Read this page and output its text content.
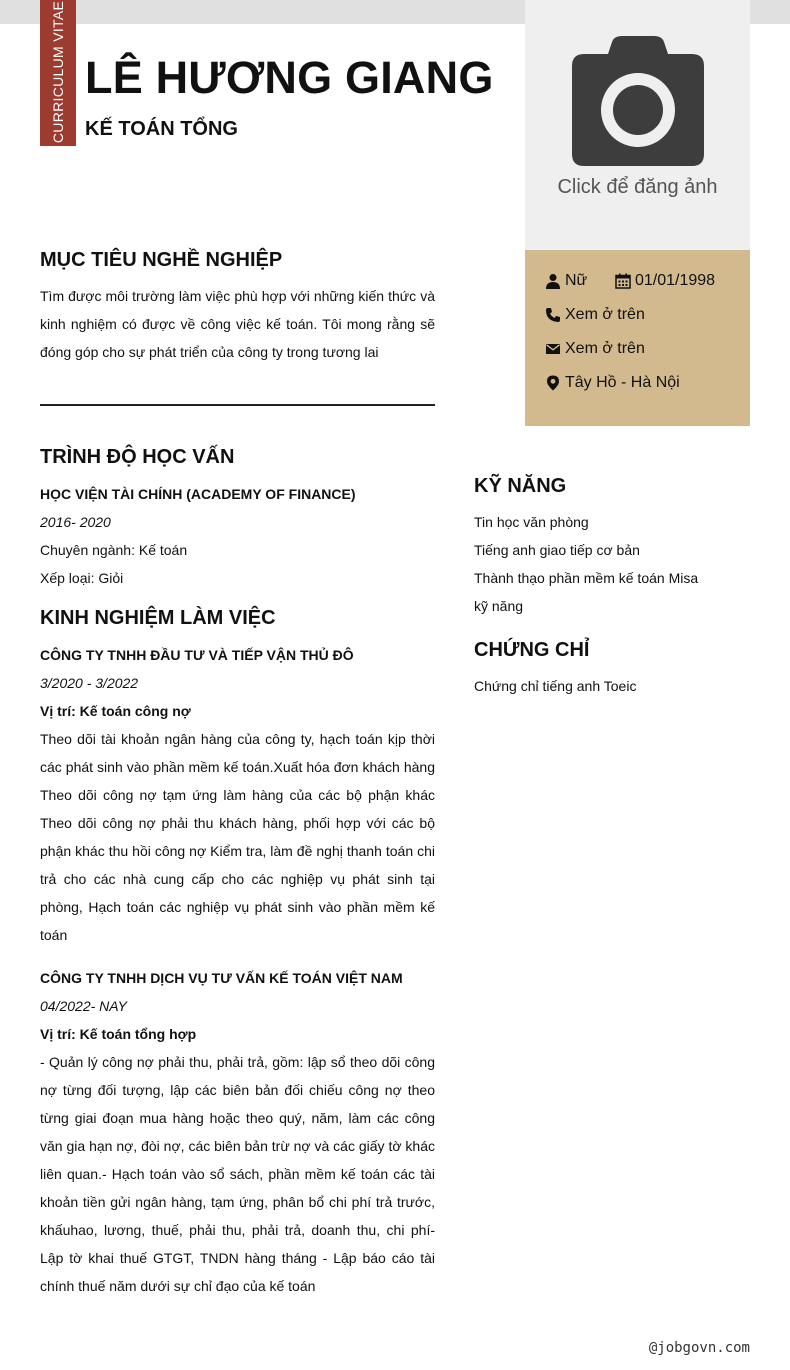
CURRICULUM VITAE LÊ HƯƠNG GIANG
KẾ TOÁN TỔNG
Click để đăng ảnh
Nữ	01/01/1998
Xem ở trên
Xem ở trên
Tây Hồ - Hà Nội
MỤC TIÊU NGHỀ NGHIỆP
Tìm được môi trường làm việc phù hợp với những kiến thức và kinh nghiệm có được về công việc kế toán. Tôi mong rằng sẽ đóng góp cho sự phát triển của công ty trong tương lai
TRÌNH ĐỘ HỌC VẤN
HỌC VIỆN TÀI CHÍNH (ACADEMY OF FINANCE)
2016- 2020
Chuyên ngành: Kế toán
Xếp loại: Giỏi
KINH NGHIỆM LÀM VIỆC
CÔNG TY TNHH ĐẦU TƯ VÀ TIẾP VẬN THỦ ĐÔ
3/2020 - 3/2022
Vị trí: Kế toán công nợ
Theo dõi tài khoản ngân hàng của công ty, hạch toán kịp thời các phát sinh vào phần mềm kế toán.Xuất hóa đơn khách hàng Theo dõi công nợ tạm ứng làm hàng của các bộ phận khác Theo dõi công nợ phải thu khách hàng, phối hợp với các bộ phận khác thu hồi công nợ Kiểm tra, làm đề nghị thanh toán chi trả cho các nhà cung cấp cho các nghiệp vụ phát sinh tại phòng, Hạch toán các nghiệp vụ phát sinh vào phần mềm kế toán
CÔNG TY TNHH DỊCH VỤ TƯ VẤN KẾ TOÁN VIỆT NAM
04/2022- NAY
Vị trí: Kế toán tổng hợp
- Quản lý công nợ phải thu, phải trả, gồm: lập sổ theo dõi công nợ từng đối tượng, lập các biên bản đối chiếu công nợ theo từng giai đoạn mua hàng hoặc theo quý, năm, làm các công văn gia hạn nợ, đòi nợ, các biên bản trừ nợ và các giấy tờ khác liên quan.- Hạch toán vào sổ sách, phần mềm kế toán các tài khoản tiền gửi ngân hàng, tạm ứng, phân bổ chi phí trả trước, khấuhao, lương, thuế, phải thu, phải trả, doanh thu, chi phí- Lập tờ khai thuế GTGT, TNDN hàng tháng - Lập báo cáo tài chính thuế năm dưới sự chỉ đạo của kế toán
KỸ NĂNG
Tin học văn phòng
Tiếng anh giao tiếp cơ bản
Thành thạo phần mềm kế toán Misa
kỹ năng
CHỨNG CHỈ
Chứng chỉ tiếng anh Toeic
@jobgovn.com
